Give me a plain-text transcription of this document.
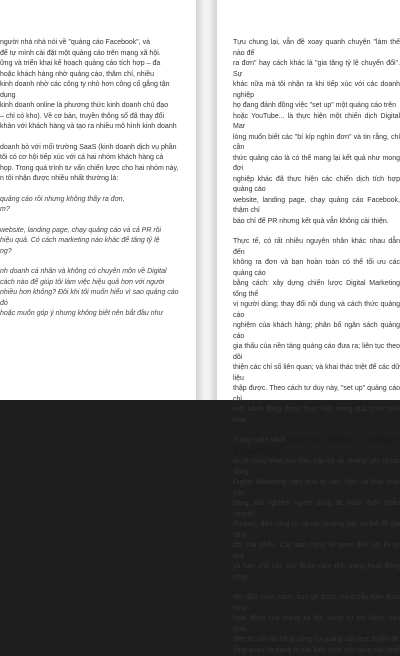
người nhà nhà nói về "quảng cáo Facebook", và
để tự mình cài đặt một quảng cáo trên mạng xã hội.
ững và triển khai kế hoạch quảng cáo tích hợp – đa
hoặc khách hàng nhờ quảng cáo, thăm chí, nhiều
kinh doanh nhờ các công ty nhỏ hơn công cố gắng tận dụng
kinh doanh online là phương thức kinh doanh chủ đạo
– chỉ có kho). Về cơ bản, truyền thông số đã thay đổi
khản với khách hàng và tạo ra nhiều mô hình kinh doanh

doanh bỏ với mối trường SaaS (kinh doanh dịch vụ phần
tôi có cơ hội tiếp xúc với cả hai nhóm khách hàng cả
họp. Trong quá trình tư vấn chiến lược cho hai nhóm này,
n tôi nhận được nhiều nhất thường là:

quảng cáo rồi nhưng không thấy ra đơn,
m?

website, landing page, chạy quảng cáo và cả PR rồi
hiệu quả. Có cách marketing nào khác để tăng tỷ lệ
ng?

nh doanh cá nhân và không có chuyên môn về Digital
cách nào để giúp tôi làm việc hiệu quả hơn với người
nhiều hơn không? Đôi khi tôi muốn hiểu vì sao quảng cáo đó
hoặc muốn góp ý nhưng không biết nên bắt đầu như

Tựu chung lại, vẫn đề xoay quanh chuyện "làm thế nào để
ra đơn" hay cách khác là "gia tăng tỷ lệ chuyển đổi". Sự
khác nữa mà tôi nhận ra khi tiếp xúc với các doanh nghiệp
họ đang đánh đồng việc "set up" một quảng cáo trên
hoặc YouTube... là thực hiện một chiến dịch Digital Mar
lòng muốn biết các "bí kíp nghìn đơn" và tin rằng, chỉ cần
thức quảng cáo là có thể mang lại kết quả như mong đợi
nghiệp khác đã thực hiện các chiến dịch tích hợp quảng cáo
website, landing page, chạy quảng cáo Facebook, thậm chí
báo chí để PR nhưng kết quả vẫn không cải thiện.

Thực tế, có rất nhiều nguyên nhân khác nhau dẫn đến
không ra đơn và bạn hoàn toàn có thể tối ưu các quảng cáo
bằng cách: xây dựng chiến lược Digital Marketing tổng thể
vị người dùng; thay đổi nội dung và cách thức quảng cáo
nghiệm của khách hàng; phân bổ ngân sách quảng cáo
gia thấu của nền tảng quảng cáo đưa ra; liên tục theo dõi
thiện các chỉ số liên quan; và khai thác triệt để các dữ liệu
thập được. Theo cách tư duy này, "set up" quảng cáo chỉ
một hành động được thực hiện trong quá trình triển khai.

Trong cuốn sách Conversion Hacking – Gia tăng tỷ lệ chuyển đổi
ta sẽ cùng nhau tìm hiểu cần kể về những yếu tố tác động
Digital Marketing hiệu quả từ việc hiểu và khai thác bản
hàng, trải nghiệm người dùng để hoàn thiện phễu chuyển
Funnel), đến công cụ và các hướng dẫn cụ thể để gia tăng
đổi của phễu. Các bạn cũng sẽ quen dần với lối tư duy
và hạn chế các suy đoán cảm tính trong hoạt động chạy

Mở đầu cuốn sách, bạn sẽ được cung cấp kiến thức tổng
hoạt động của mạng xã hội, công cụ tìm kiếm, sàn giao
điện tử với vai trò là công cụ quảng cáo trực tuyến để
tổng quan và trang bị các kiến thức nền tảng cần thiết
